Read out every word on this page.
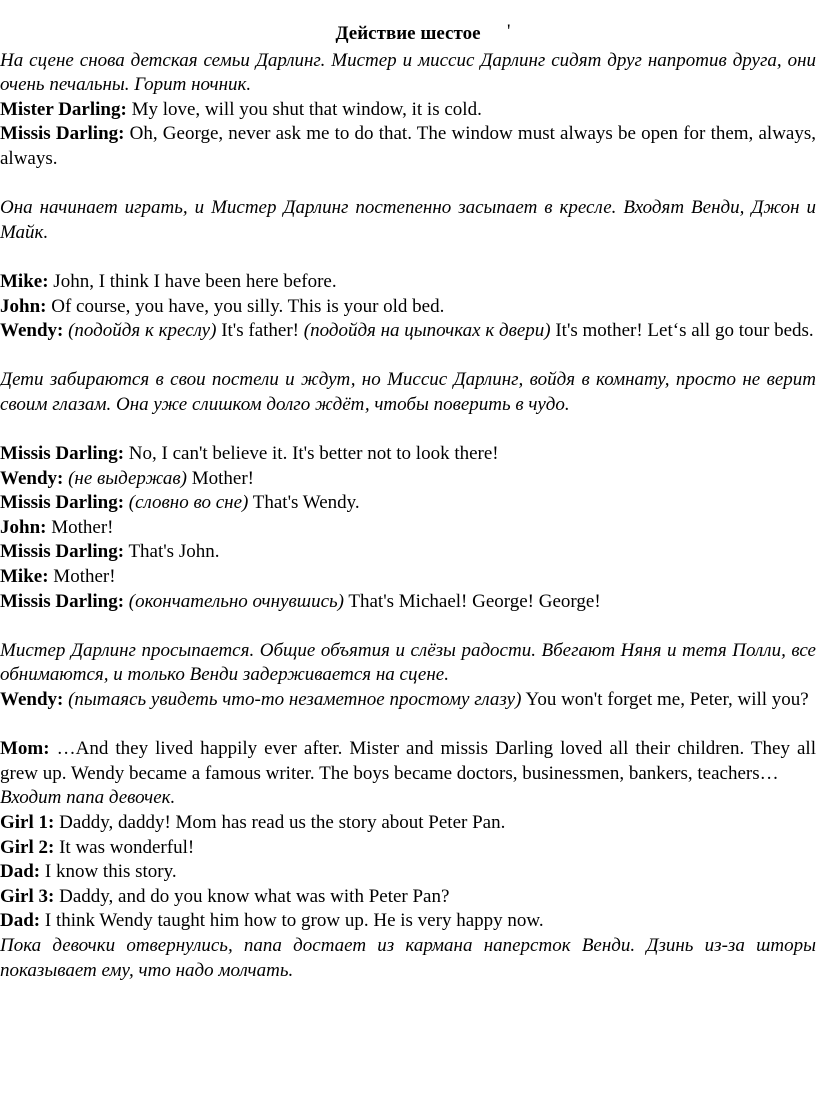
Действие шестое '

На сцене снова детская семьи Дарлинг. Мистер и миссис Дарлинг сидят друг напротив друга, они очень печальны. Горит ночник.

Mister Darling: My love, will you shut that window, it is cold.

Missis Darling: Oh, George, never ask me to do that. The window must always be open for them, always, always.

Она начинает играть, и Мистер Дарлинг постепенно засыпает в кресле. Входят Венди, Джон и Майк.

Mike: John, I think I have been here before.

John: Of course, you have, you silly. This is your old bed.

Wendy: (подойдя к креслу) It's father! (подойдя на цыпочках к двери) It's mother! Let‘s all go tour beds.

Дети забираются в свои постели и ждут, но Миссис Дарлинг, войдя в комнату, просто не верит своим глазам. Она уже слишком долго ждёт, чтобы поверить в чудо.

Missis Darling: No, I can't believe it. It's better not to look there!

Wendy: (не выдержав) Mother!

Missis Darling: (словно во сне) That's Wendy.

John: Mother!

Missis Darling: That's John.

Mike: Mother!

Missis Darling: (окончательно очнувшись) That's Michael! George! George!

Мистер Дарлинг просыпается. Общие объятия и слёзы радости. Вбегают Няня и тетя Полли, все обнимаются, и только Венди задерживается на сцене.

Wendy: (пытаясь увидеть что-то незаметное простому глазу) You won't forget me, Peter, will you?

Mom: …And they lived happily ever after. Mister and missis Darling loved all their children. They all grew up. Wendy became a famous writer. The boys became doctors, businessmen, bankers, teachers…

Входит папа девочек.

Girl 1: Daddy, daddy! Mom has read us the story about Peter Pan.

Girl 2: It was wonderful!

Dad: I know this story.

Girl 3: Daddy, and do you know what was with Peter Pan?

Dad: I think Wendy taught him how to grow up. He is very happy now.

Пока девочки отвернулись, папа достает из кармана наперсток Венди. Дзинь из-за шторы показывает ему, что надо молчать.
